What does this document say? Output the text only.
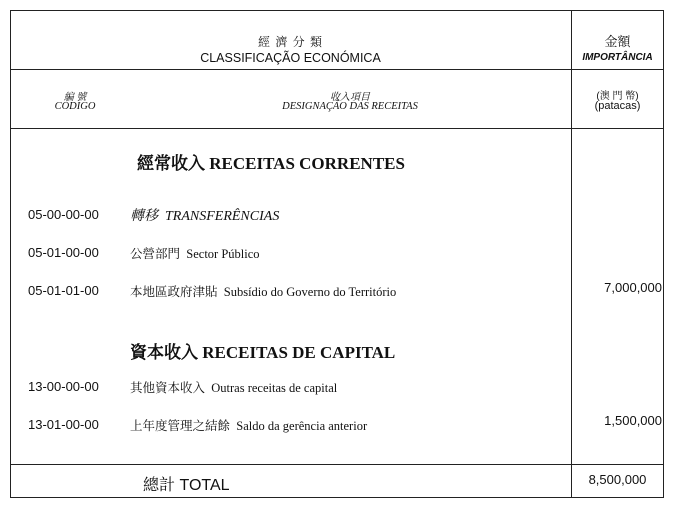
經 濟 分 類
CLASSIFICAÇÃO ECONÓMICA
金額
IMPORTÂNCIA
編 號
CÓDIGO
收入項目
DESIGNAÇÃO DAS RECEITAS
(澳 門 幣)
(patacas)
經常收入 RECEITAS CORRENTES
05-00-00-00 轉移 TRANSFERÊNCIAS
05-01-00-00 公營部門 Sector Público
05-01-01-00 本地區政府津貼 Subsídio do Governo do Território	7,000,000
資本收入 RECEITAS DE CAPITAL
13-00-00-00 其他資本收入 Outras receitas de capital
13-01-00-00 上年度管理之結餘 Saldo da gerência anterior	1,500,000
總計 TOTAL	8,500,000
